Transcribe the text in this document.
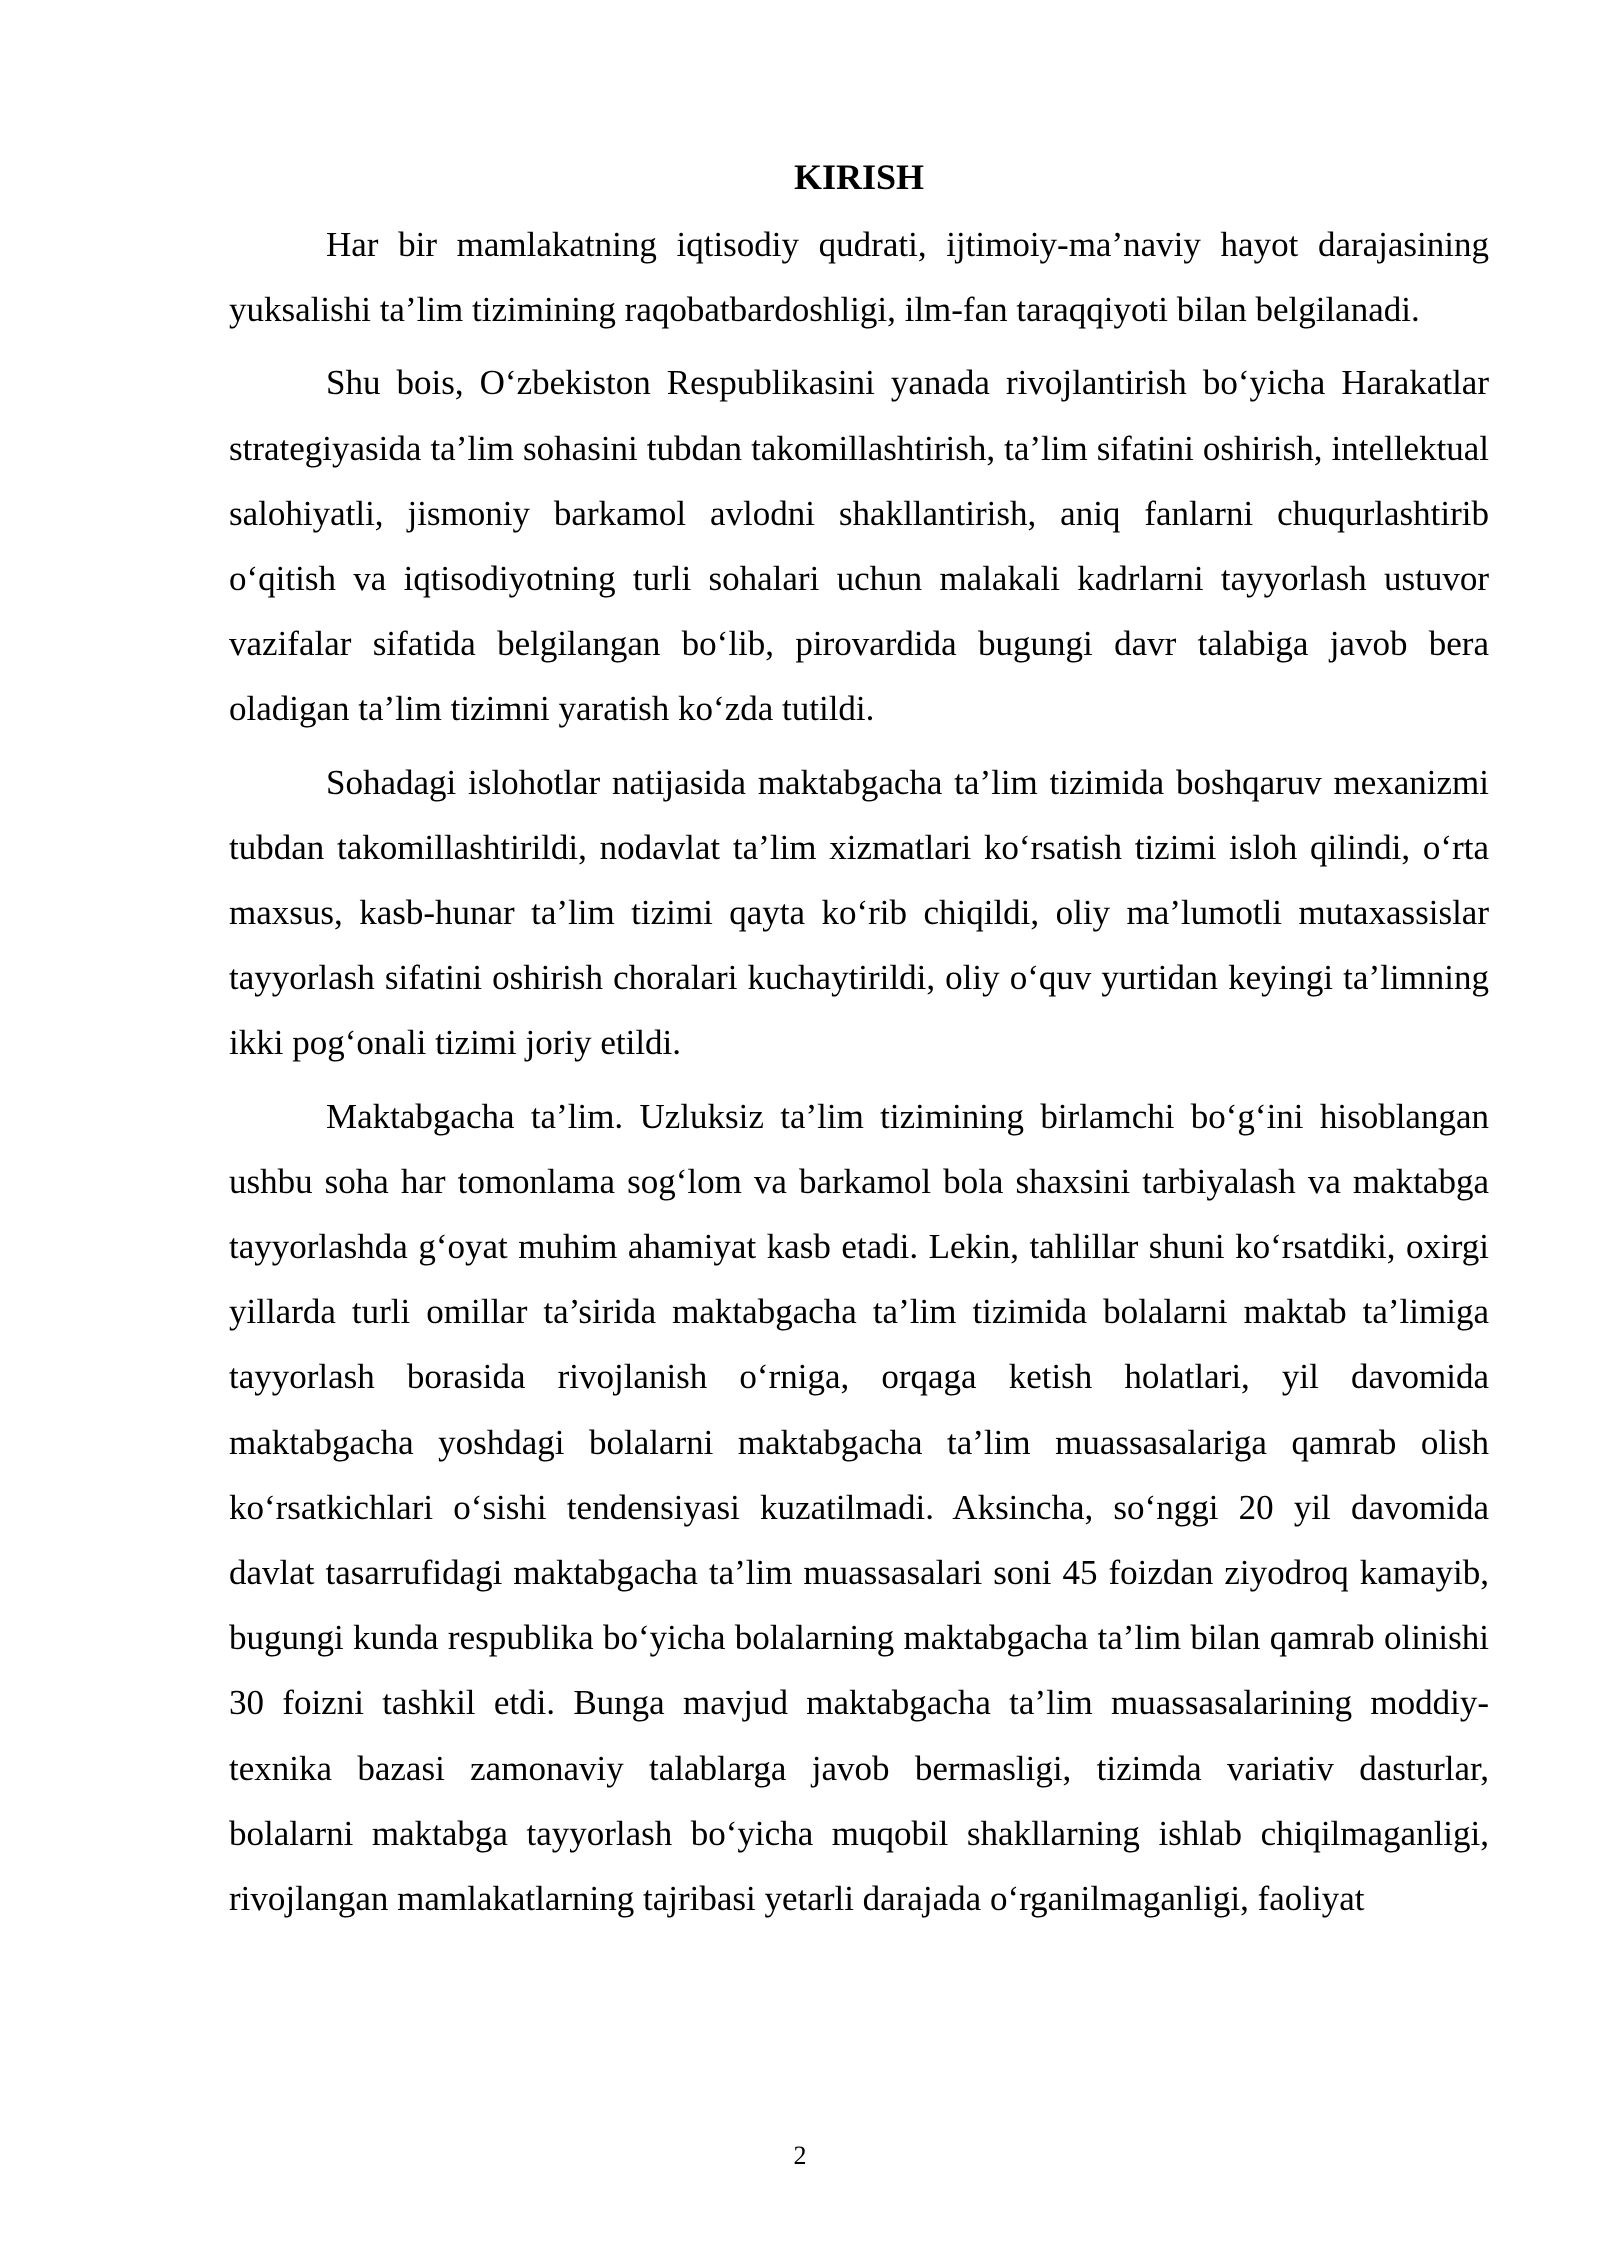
KIRISH

Har bir mamlakatning iqtisodiy qudrati, ijtimoiy-ma’naviy hayot darajasining yuksalishi ta’lim tizimining raqobatbardoshligi, ilm-fan taraqqiyoti bilan belgilanadi.

Shu bois, O‘zbekiston Respublikasini yanada rivojlantirish bo‘yicha Harakatlar strategiyasida ta’lim sohasini tubdan takomillashtirish, ta’lim sifatini oshirish, intellektual salohiyatli, jismoniy barkamol avlodni shakllantirish, aniq fanlarni chuqurlashtirib o‘qitish va iqtisodiyotning turli sohalari uchun malakali kadrlarni tayyorlash ustuvor vazifalar sifatida belgilangan bo‘lib, pirovardida bugungi davr talabiga javob bera oladigan ta’lim tizimni yaratish ko‘zda tutildi.

Sohadagi islohotlar natijasida maktabgacha ta’lim tizimida boshqaruv mexanizmi tubdan takomillashtirildi, nodavlat ta’lim xizmatlari ko‘rsatish tizimi isloh qilindi, o‘rta maxsus, kasb-hunar ta’lim tizimi qayta ko‘rib chiqildi, oliy ma’lumotli mutaxassislar tayyorlash sifatini oshirish choralari kuchaytirildi, oliy o‘quv yurtidan keyingi ta’limning ikki pog‘onali tizimi joriy etildi.

Maktabgacha ta’lim. Uzluksiz ta’lim tizimining birlamchi bo‘g‘ini hisoblangan ushbu soha har tomonlama sog‘lom va barkamol bola shaxsini tarbiyalash va maktabga tayyorlashda g‘oyat muhim ahamiyat kasb etadi. Lekin, tahlillar shuni ko‘rsatdiki, oxirgi yillarda turli omillar ta’sirida maktabgacha ta’lim tizimida bolalarni maktab ta’limiga tayyorlash borasida rivojlanish o‘rniga, orqaga ketish holatlari, yil davomida maktabgacha yoshdagi bolalarni maktabgacha ta’lim muassasalariga qamrab olish ko‘rsatkichlari o‘sishi tendensiyasi kuzatilmadi. Aksincha, so‘nggi 20 yil davomida davlat tasarrufidagi maktabgacha ta’lim muassasalari soni 45 foizdan ziyodroq kamayib, bugungi kunda respublika bo‘yicha bolalarning maktabgacha ta’lim bilan qamrab olinishi 30 foizni tashkil etdi. Bunga mavjud maktabgacha ta’lim muassasalarining moddiy-texnika bazasi zamonaviy talablarga javob bermasligi, tizimda variativ dasturlar, bolalarni maktabga tayyorlash bo‘yicha muqobil shakllarning ishlab chiqilmaganligi, rivojlangan mamlakatlarning tajribasi yetarli darajada o‘rganilmaganligi, faoliyat

2
